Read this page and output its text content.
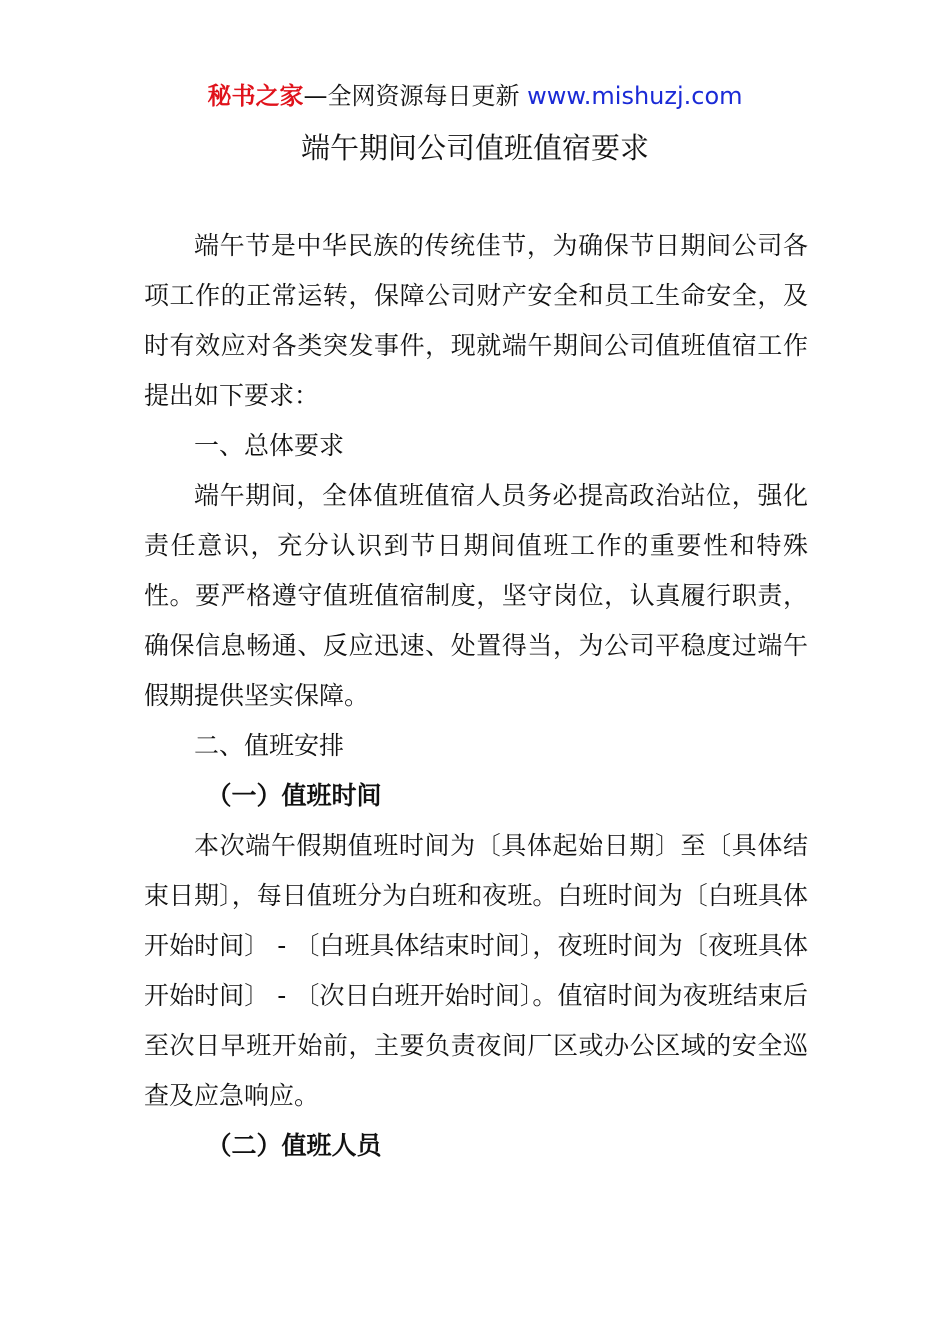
秘书之家—全网资源每日更新 www.mishuzj.com
端午期间公司值班值宿要求

端午节是中华民族的传统佳节，为确保节日期间公司各项工作的正常运转，保障公司财产安全和员工生命安全，及时有效应对各类突发事件，现就端午期间公司值班值宿工作提出如下要求：

一、总体要求

端午期间，全体值班值宿人员务必提高政治站位，强化责任意识，充分认识到节日期间值班工作的重要性和特殊性。要严格遵守值班值宿制度，坚守岗位，认真履行职责，确保信息畅通、反应迅速、处置得当，为公司平稳度过端午假期提供坚实保障。

二、值班安排

（一）值班时间

本次端午假期值班时间为〔具体起始日期〕至〔具体结束日期〕，每日值班分为白班和夜班。白班时间为〔白班具体开始时间〕 - 〔白班具体结束时间〕，夜班时间为〔夜班具体开始时间〕 - 〔次日白班开始时间〕。值宿时间为夜班结束后至次日早班开始前，主要负责夜间厂区或办公区域的安全巡查及应急响应。

（二）值班人员
